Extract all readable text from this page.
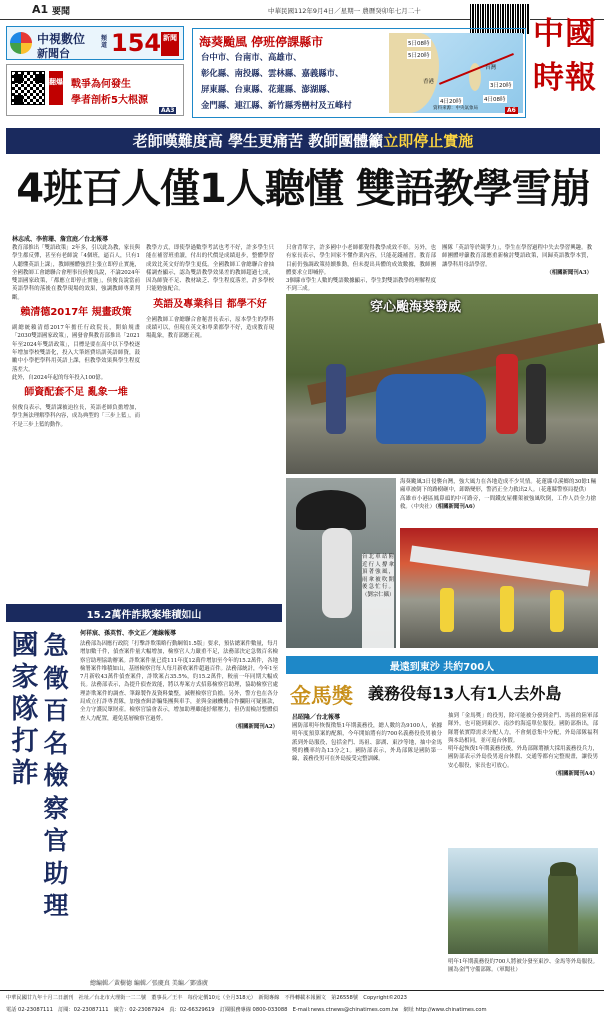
A1 要聞	中華民國112年9月4日／星期一 農曆癸卯年七月二十
中國
時報
中視數位
新聞台
頻道 154 新聞
翻爆 戰爭為何發生
學者剖析5大根源
AA3
海葵颱風 停班停課縣市
台中市、台南市、高雄市、
彰化縣、南投縣、雲林縣、嘉義縣市、
屏東縣、台東縣、花蓮縣、澎湖縣、
金門縣、連江縣、新竹縣秀巒村及五峰村
5日08時
5日20時
4日20時
3日20時
4日08時
香港
台灣
資料來源：中央氣象局	A6
老師嘆難度高 學生更痛苦 教師團體籲立即停止實施
4班百人僅1人聽懂 雙語教學雪崩
林志成、李侑珊、詹宜庭／台北報導

教育部推出「雙語政策」2年多，引以此為教，家長與學生都反彈，甚至有老師說「4個班，逼百人，只有1人聽懂英語上課」，教師團體強烈主張立即停止實施，全國教師工會總聯合會理事長侯俊良說，不論2024年雙語國家政策，「都應立即停止實施」，侯俊良說當前英語學科的落後在教學現場的效果，強調教師專業判斷。

賴清德2017年 規畫政策

副總統賴清德2017年擔任行政院長，開始規畫「2030雙語國家政策」，國發會與教育部推出「2021年至2024年雙語政策」，目標是要在高中以下學校逐年增加學校雙語化，投入大筆經費培訓英語師資，鼓勵中小學把學科用英語上課，但教學效果與學生程度落差大。

此外，自2024年起的每年投入100億。

師資配套不足 亂象一堆

侯俊良表示，雙語課被迫拉長，英語老師負擔增加，學生無法理解學科內容，成為典型的「三步上籃」，而不是三步上籃的動作。

教學方式，即使學過數學考試也考不好，許多學生只能在補習班重讀，付出的代價是成績退步，整體學習成效比英文好的學生更低。全國教師工會總聯合會抽樣調查顯示，認為雙語教學效果差的教師超過七成，因為師資不足、教材缺乏、學生程度落差，許多學校只能勉強配合。

英語及專業科目 都學不好

全國教師工會總聯合會秘書長表示，原本學生的學科成績可以，但現在英文和專業都學不好，造成教育現場亂象，教育部應正視。

只會背單字，許多國中小老師都覺得教學成效不彰。另外，也有家長表示，學生回家不懂作業內容，只能花錢補習。教育部目前仍強調政策持續推動，但未提出具體的成效數據，教師團體要求立即喊停。

3個縣市學生人數的雙語數據顯示，學生對雙語教學的理解程度不到三成。

團隊「英語等於競爭力」，學生在學習過程中失去學習興趣。教師團體呼籲教育部應重新檢討雙語政策，回歸英語教學本質，讓學科用母語學習。

（相關新聞刊A3）

穿心颱海葵發威
台北車站附近行人撐傘頂著強風，雨傘被吹開後急忙行。（劉宗仁攝）

海葵颱風3日侵襲台灣，強大風力在各地造成不少災情。花蓮縣卓溪鄉的30餘1輛廂車被倒下的路樹砸中，卸路變形，警消正全力救出2人。（花蓮縣警察局提供）

高雄市小港區鳳鼻頭的中可路旁，一間鐵皮屋棚架被強風吹倒，工作人員全力搶救。（中央社）（相關新聞刊A6）

最遠到東沙 共約700人
金馬獎 義務役每13人有1人去外島
呂昭隆／台北報導

國防部明年恢復徵集1年期義務役，總人數約為9100人，依據明年度預算案的配額，今年開始將有約700名義務役役男被分派到外島服役，包括金門、馬祖、澎湖、東沙等地，抽中金馬獎的機率約為13分之1。國防部表示，外島部隊是國防第一線，義務役男可在外島接受完整訓練。

抽到「金馬獎」的役男，除可能被分發到金門、馬祖的陸軍部隊外，也可能到東沙、南沙的海巡單位服役。國防部指出，部隊將依實際需求分配人力，不會刻意集中分配，外島部隊福利與本島相同，並可返台休假。

明年起恢復1年期義務役後，外島部隊將擴大採用義務役兵力，國防部表示外島役男返台休假、交通等都有完整規畫，讓役男安心服役，家長也可放心。

（相關新聞刊A4）

明年1年期義務役約700人將被分發至東沙、金馬等外島服役。圖為金門守備部隊。（軍聞社）
15.2萬件詐欺案堆積如山
國家隊打詐
急徵百名檢察官助理
何祥宸、孫英哲、李文正／連線報導

法務部為因應行政院「打擊詐欺策略行動綱領1.5版」要求，預估總案件數量，每月增加數千件，偵查案件量大幅增加，檢察官人力嚴重不足，法務部決定急徵百名檢察官助理協助辦案。詐欺案件量已從111年度12萬件增加至今年的15.2萬件，各地檢署案件堆積如山，基層檢察官每人每月新收案件超過百件。法務部統計，今年1至7月新收43萬件偵查案件，詐欺案占35.5%，約15.2萬件，較前一年同期大幅成長。法務部表示，為提升偵查效能，將以專案方式招募檢察官助理，協助檢察官處理詐欺案件的調查、筆錄製作及資料彙整，減輕檢察官負擔。另外，警方也在各分局成立打詐專責隊，加強查緝詐騙集團與車手，並與金融機構合作攔阻可疑匯款，全力守護民眾財產。檢察官協會表示，增加助理雖能紓解壓力，但仍需檢討整體偵查人力配置，避免基層檢察官過勞。

（相關新聞刊A2）

總編輯／黃樹德 編輯／張慶真 美編／鄧盛廣
中華民國廿九年十月二日創刊　社址／台北市大理街一二二號　董事長／王丰　每份定價10元（全月318元）　新聞專線　不得轉載本報圖文　第26558號　Copyright©2023
電話 02-23087111　訂閱：02-23087111　廣告：02-23087924　真：02-66329619　訂閱服務專線 0800-033088　E-mail:news.ctnews@chinatimes.com.tw　網址 http://www.chinatimes.com
